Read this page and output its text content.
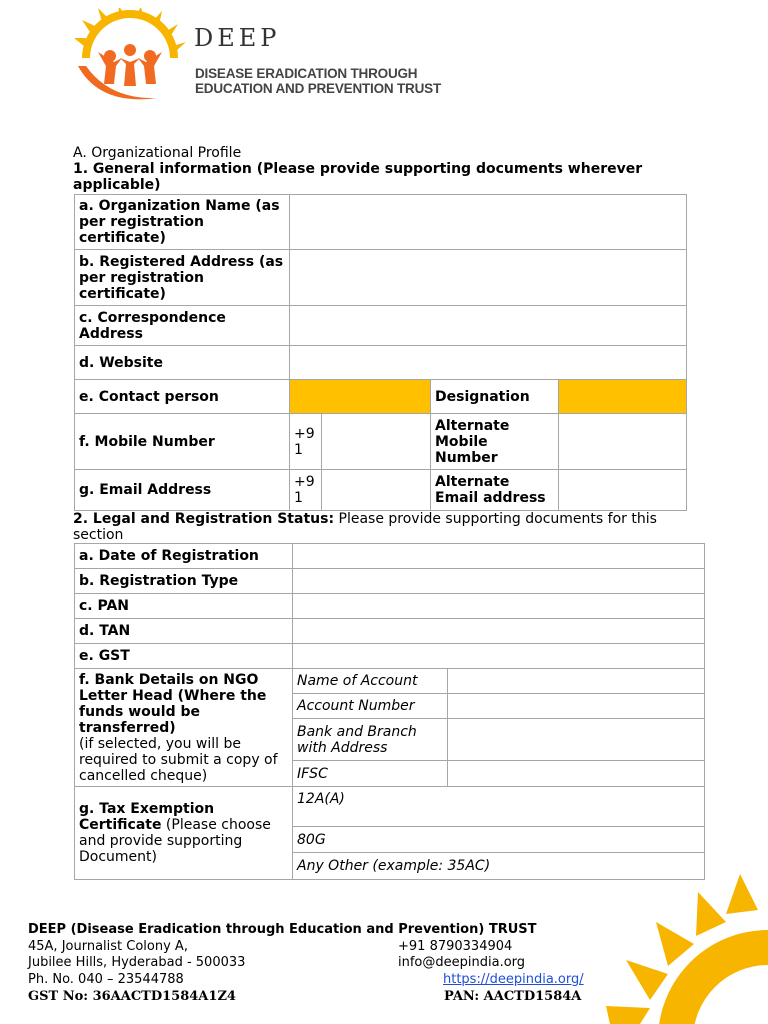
DEEP
DISEASE ERADICATION THROUGH
EDUCATION AND PREVENTION TRUST
A. Organizational Profile
1. General information (Please provide supporting documents wherever applicable)
a. Organization Name (as per registration certificate)				
b. Registered Address (as per registration certificate)				
c. Correspondence Address				
d. Website				
e. Contact person			Designation	
f. Mobile Number	+91		Alternate Mobile Number	
g. Email Address	+91		Alternate Email address	
2. Legal and Registration Status: Please provide supporting documents for this section
a. Date of Registration		
b. Registration Type		
c. PAN		
d. TAN		
e. GST		
f. Bank Details on NGO Letter Head (Where the funds would be transferred)
(if selected, you will be required to submit a copy of cancelled cheque)	Name of Account	
	Account Number	
	Bank and Branch with Address	
	IFSC	
g. Tax Exemption Certificate (Please choose and provide supporting Document)	12A(A)	
	80G	
	Any Other (example: 35AC)	
DEEP (Disease Eradication through Education and Prevention) TRUST
45A, Journalist Colony A,
Jubilee Hills, Hyderabad - 500033
Ph. No. 040 – 23544788
GST No: 36AACTD1584A1Z4
+91 8790334904
info@deepindia.org
https://deepindia.org/
PAN: AACTD1584A
